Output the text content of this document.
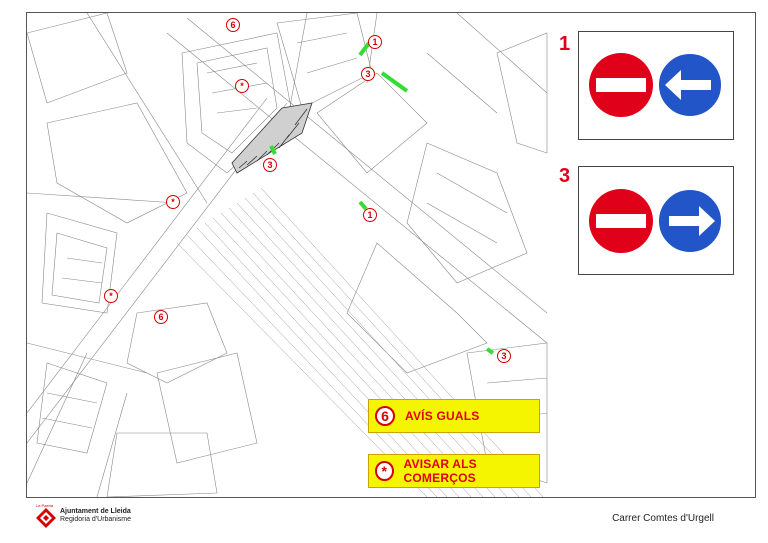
1
1
3
3
3
6
6
*
*
*
6	AVÍS GUALS
*	AVISAR ALS COMERÇOS
1
3
La Paeria
Ajuntament de Lleida
Regidoria d'Urbanisme	Carrer Comtes d'Urgell
